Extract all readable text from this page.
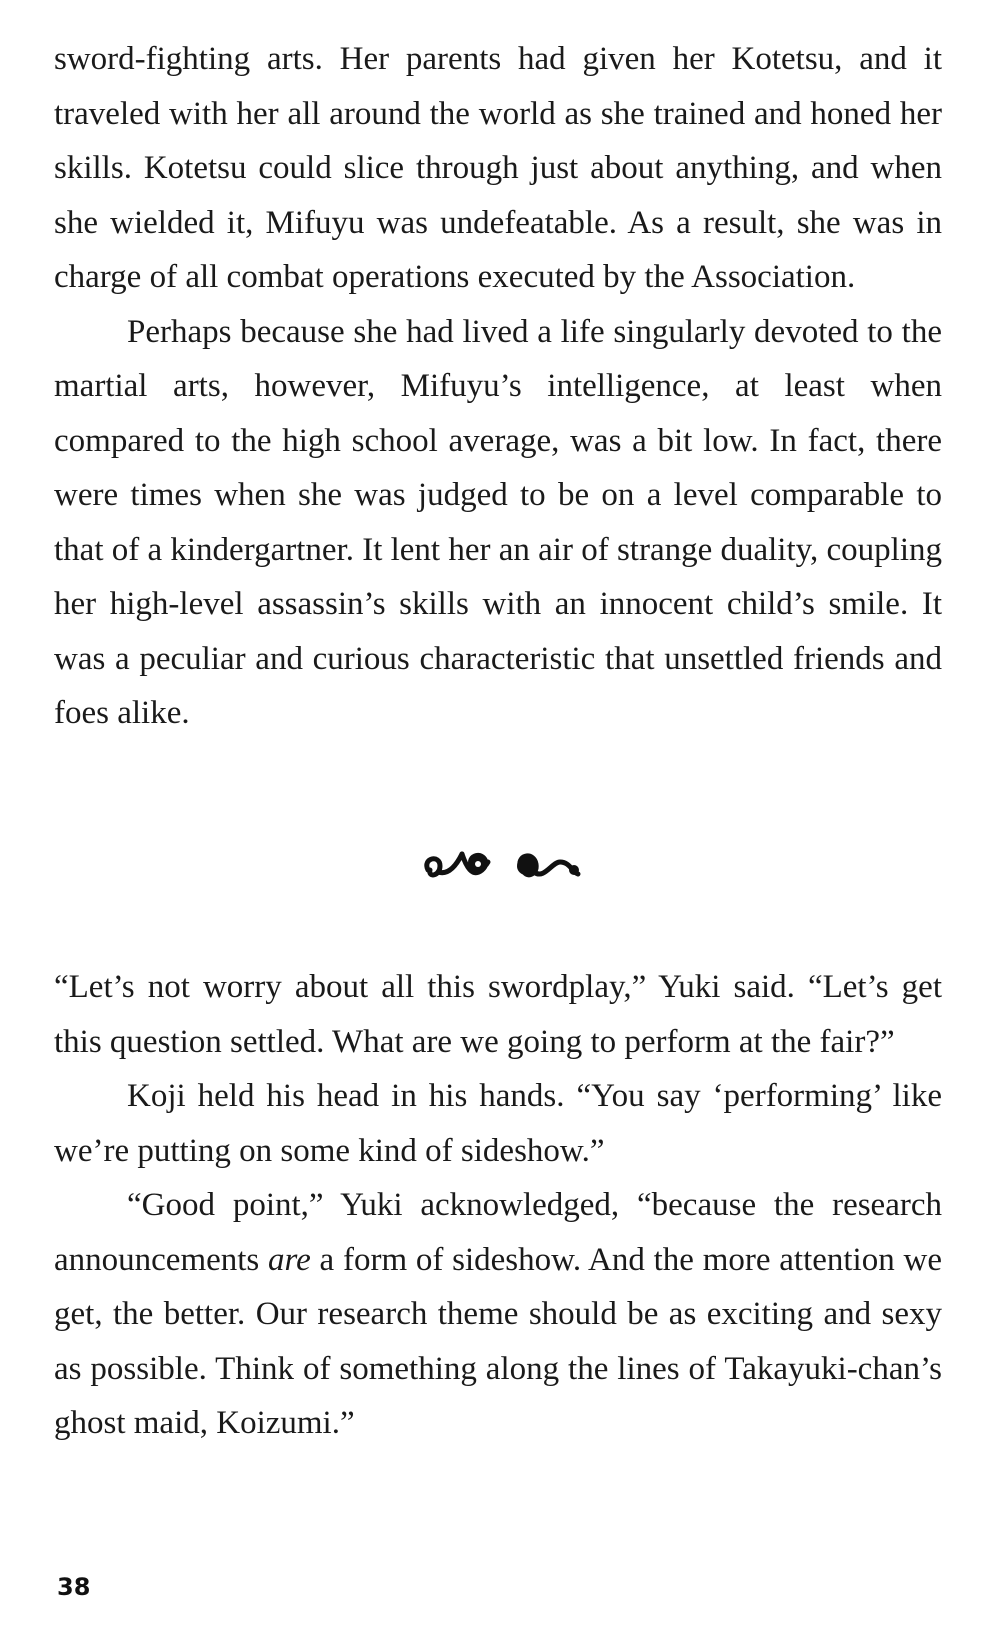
sword-fighting arts. Her parents had given her Kotetsu, and it traveled with her all around the world as she trained and honed her skills. Kotetsu could slice through just about anything, and when she wielded it, Mifuyu was undefeatable. As a result, she was in charge of all combat operations executed by the Association.

Perhaps because she had lived a life singularly devoted to the martial arts, however, Mifuyu’s intelligence, at least when compared to the high school average, was a bit low. In fact, there were times when she was judged to be on a level comparable to that of a kindergartner. It lent her an air of strange duality, coupling her high-level assassin’s skills with an innocent child’s smile. It was a peculiar and curious characteristic that unsettled friends and foes alike.

“Let’s not worry about all this swordplay,” Yuki said. “Let’s get this question settled. What are we going to perform at the fair?”

Koji held his head in his hands. “You say ‘performing’ like we’re putting on some kind of sideshow.”

“Good point,” Yuki acknowledged, “because the research announcements are a form of sideshow. And the more attention we get, the better. Our research theme should be as exciting and sexy as possible. Think of something along the lines of Takayuki-chan’s ghost maid, Koizumi.”

38
